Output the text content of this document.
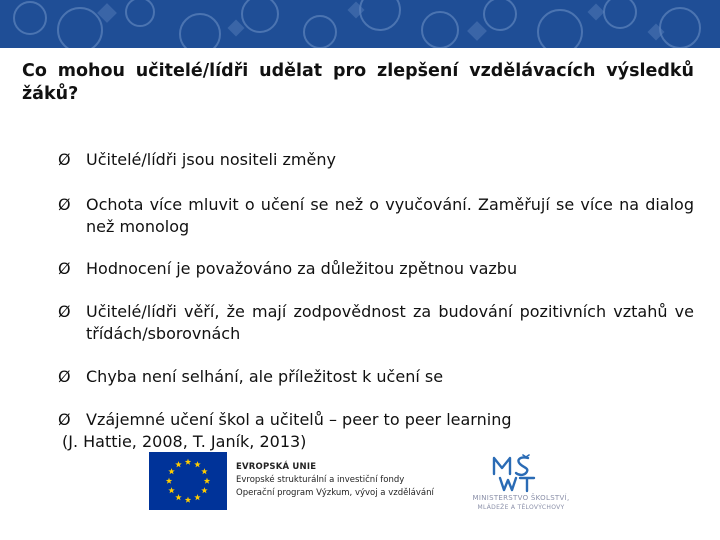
Co mohou učitelé/lídři udělat pro zlepšení vzdělávacích výsledků žáků?
Ø Učitelé/lídři jsou nositeli změny
Ø Ochota více mluvit o učení se než o vyučování. Zaměřují se více na dialog než monolog
Ø Hodnocení je považováno za důležitou zpětnou vazbu
Ø Učitelé/lídři věří, že mají zodpovědnost za budování pozitivních vztahů ve třídách/sborovnách
Ø Chyba není selhání, ale příležitost k učení se
Ø Vzájemné učení škol a učitelů – peer to peer learning
(J. Hattie, 2008, T. Janík, 2013)
EVROPSKÁ UNIE
Evropské strukturální a investiční fondy
Operační program Výzkum, vývoj a vzdělávání	MINISTERSTVO ŠKOLSTVÍ,
MLÁDEŽE A TĚLOVÝCHOVY
